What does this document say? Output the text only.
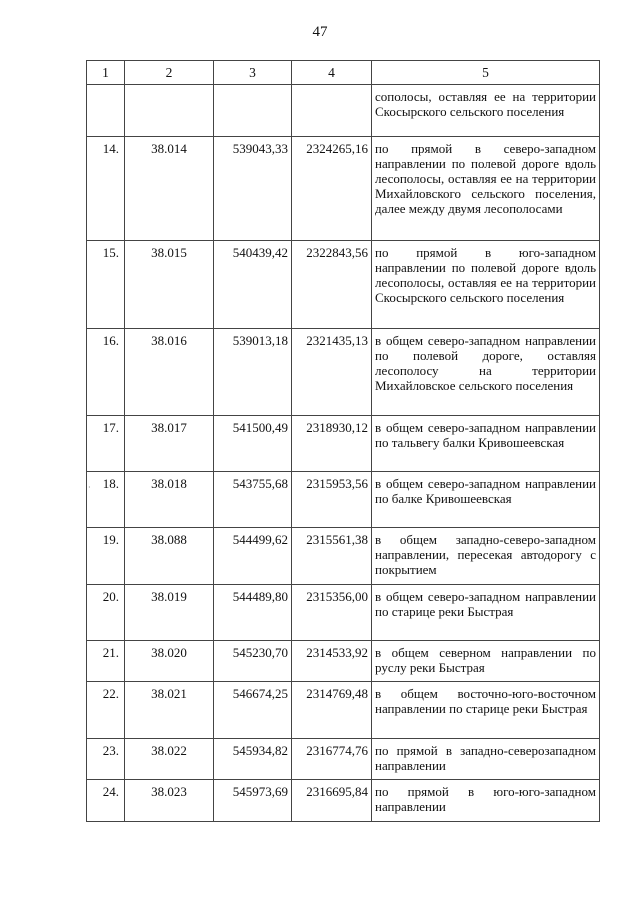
47
·
1	2	3	4	5
				сополосы, оставляя ее на территории Скосырского сельского поселения
14.	38.014	539043,33	2324265,16	по прямой в северо-западном направлении по полевой дороге вдоль лесополосы, оставляя ее на территории Михайловского сельского поселения, далее между двумя лесополосами
15.	38.015	540439,42	2322843,56	по прямой в юго-западном направлении по полевой дороге вдоль лесополосы, оставляя ее на территории Скосырского сельского поселения
16.	38.016	539013,18	2321435,13	в общем северо-западном направлении по полевой дороге, оставляя лесополосу на территории Михайловское сельского поселения
17.	38.017	541500,49	2318930,12	в общем северо-западном направлении по тальвегу балки Кривошеевская
18.	38.018	543755,68	2315953,56	в общем северо-западном направлении по балке Кривошеевская
19.	38.088	544499,62	2315561,38	в общем западно-северо-западном направлении, пересекая автодорогу с покрытием
20.	38.019	544489,80	2315356,00	в общем северо-западном направлении по старице реки Быстрая
21.	38.020	545230,70	2314533,92	в общем северном направлении по руслу реки Быстрая
22.	38.021	546674,25	2314769,48	в общем восточно-юго-восточном направлении по старице реки Быстрая
23.	38.022	545934,82	2316774,76	по прямой в западно-северозападном направлении
24.	38.023	545973,69	2316695,84	по прямой в юго-юго-западном направлении
